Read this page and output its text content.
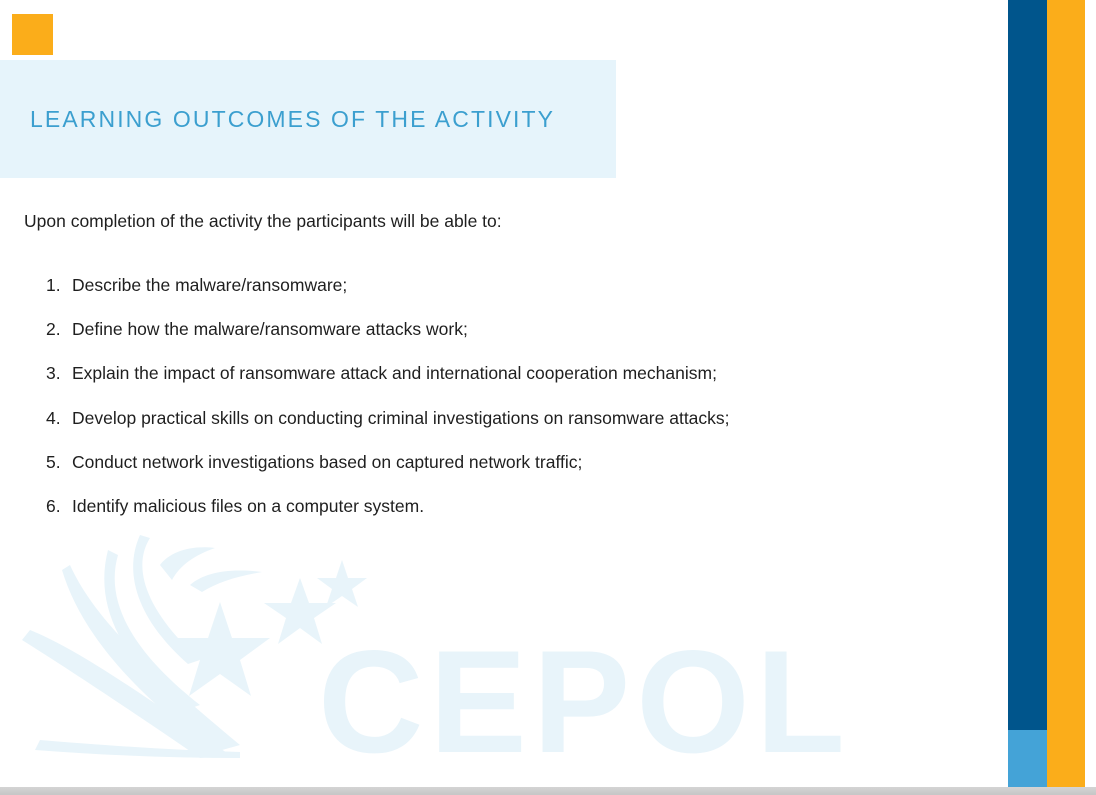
LEARNING OUTCOMES OF THE ACTIVITY
CEPOL
Upon completion of the activity the participants will be able to:
1. Describe the malware/ransomware;
2. Define how the malware/ransomware attacks work;
3. Explain the impact of ransomware attack and international cooperation mechanism;
4. Develop practical skills on conducting criminal investigations on ransomware attacks;
5. Conduct network investigations based on captured network traffic;
6. Identify malicious files on a computer system.
